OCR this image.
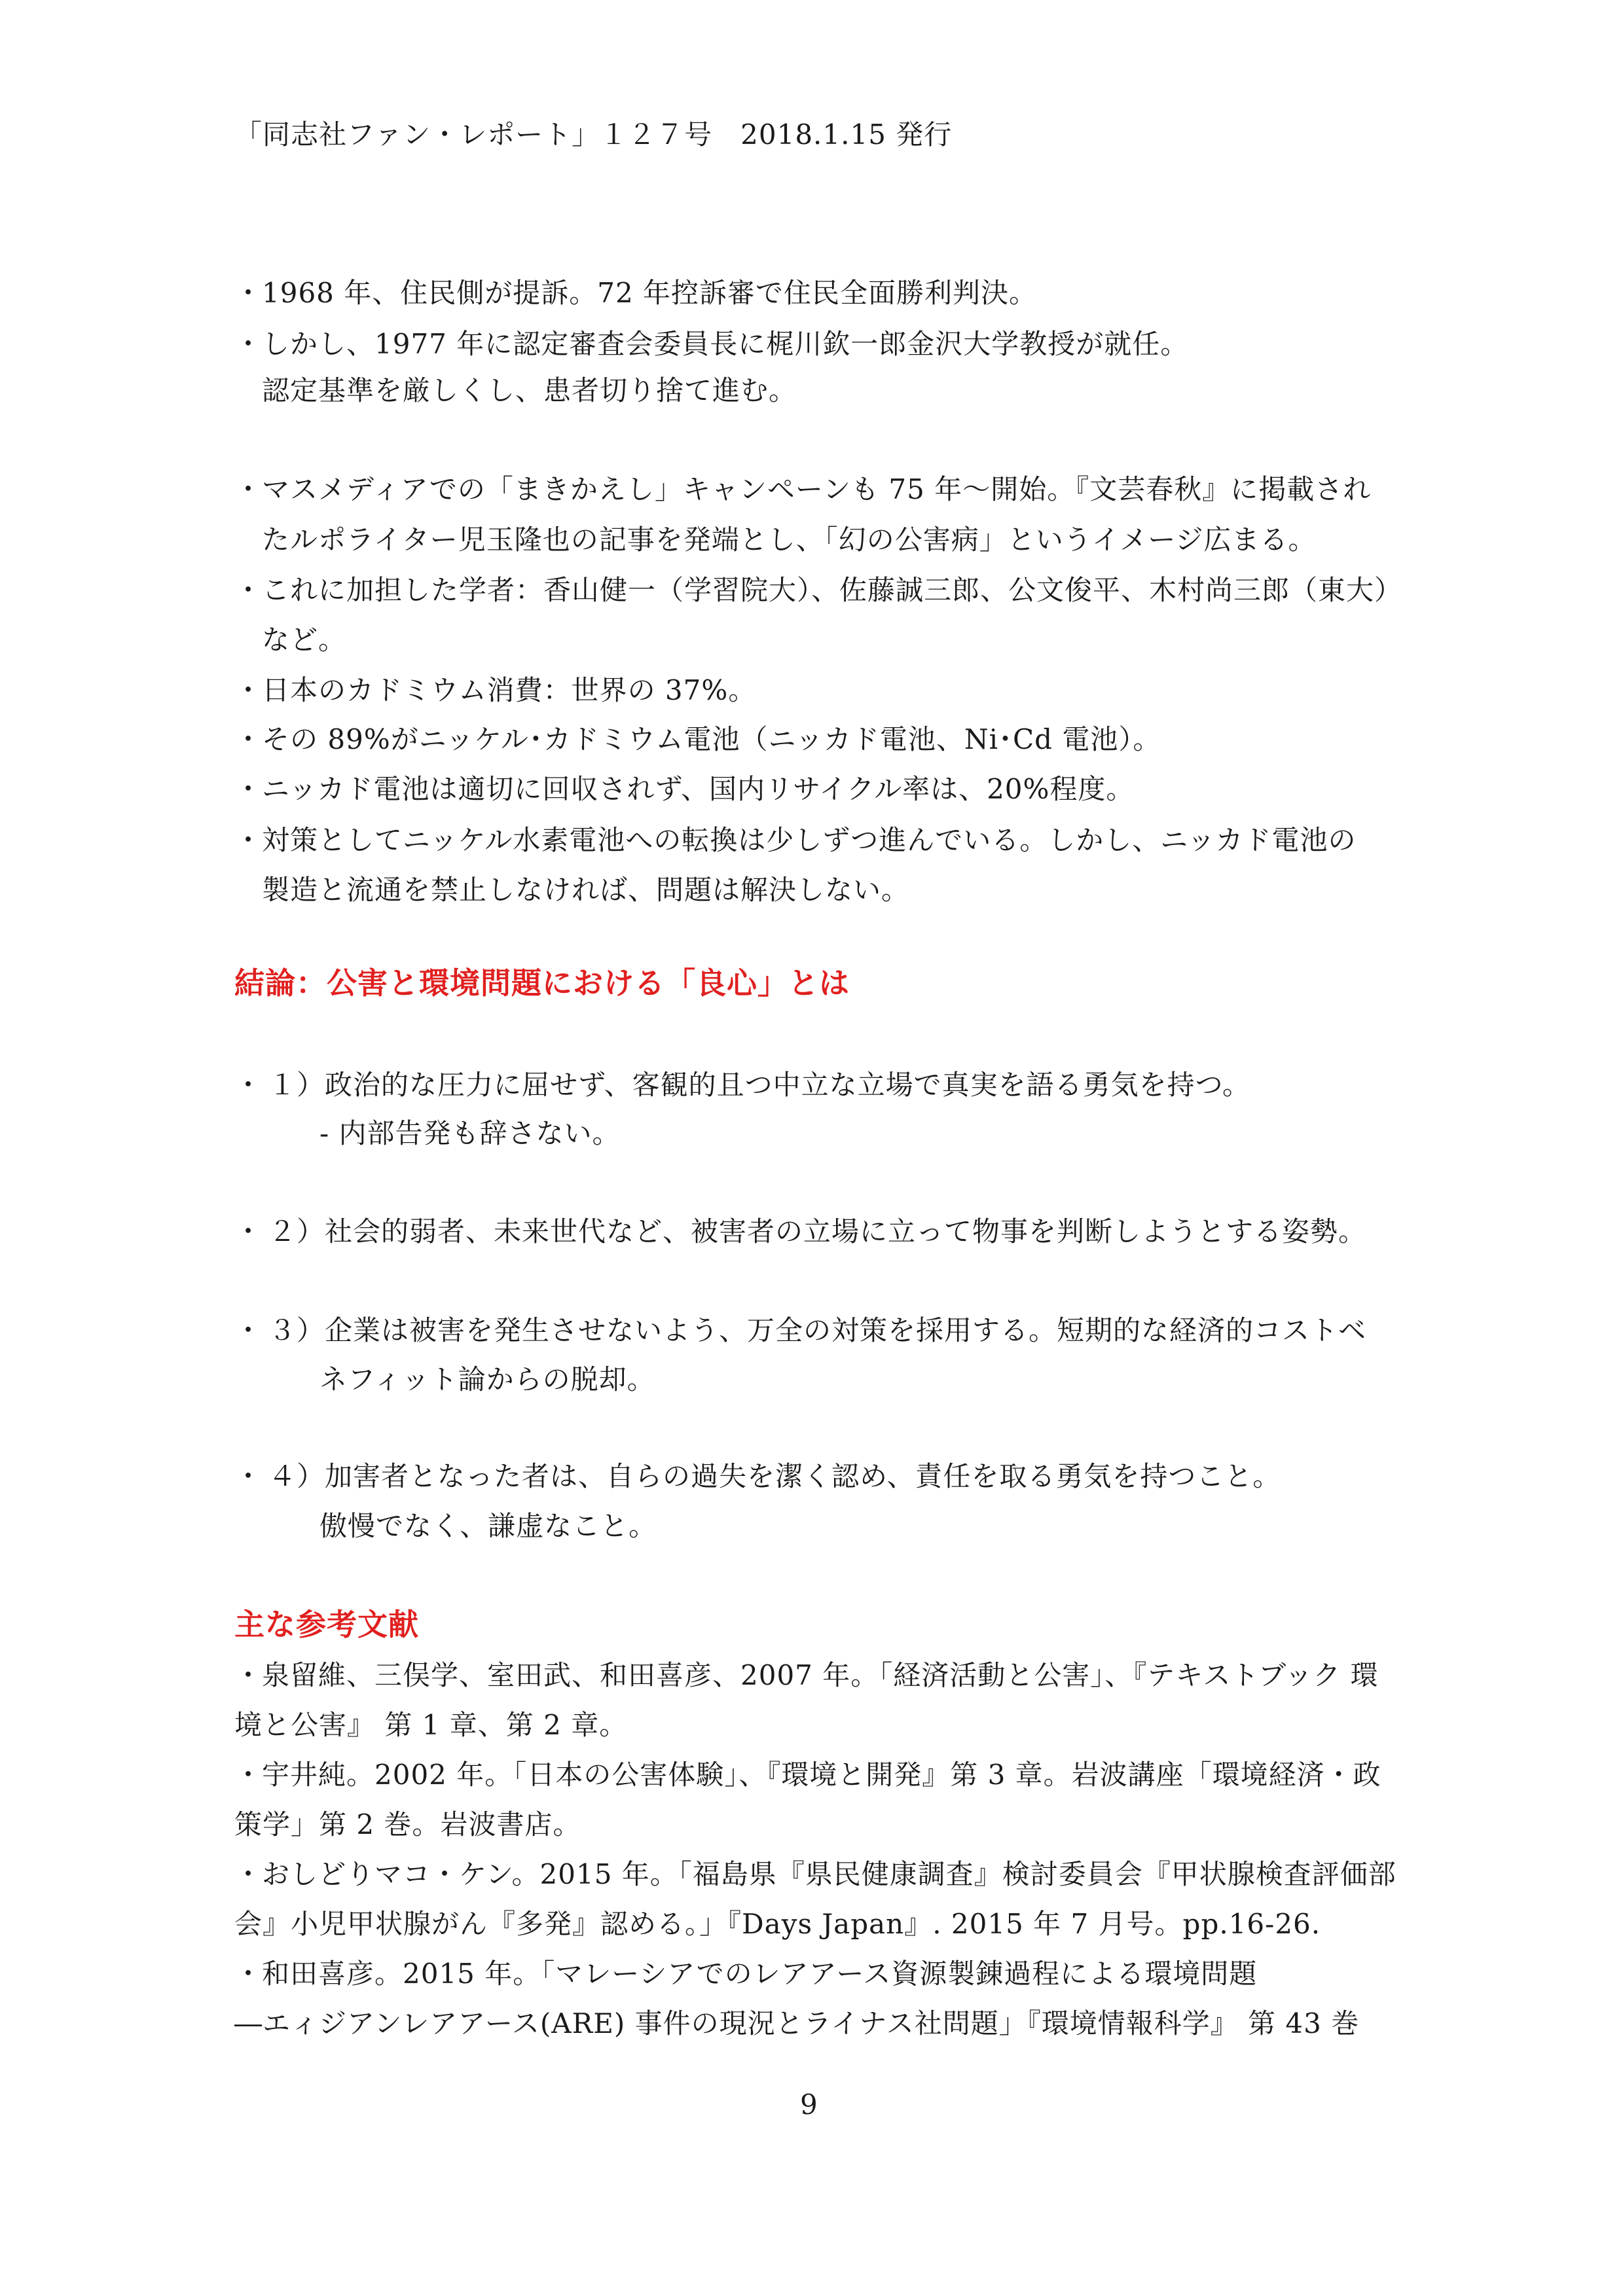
「同志社ファン・レポート」１２７号　2018.1.15 発行
・ 1968 年、住民側が提訴。72 年控訴審で住民全面勝利判決。
・ しかし、1977 年に認定審査会委員長に梶川欽一郎金沢大学教授が就任。
認定基準を厳しくし、患者切り捨て進む。
・ マスメディアでの「まきかえし」キャンペーンも 75 年〜開始。『文芸春秋』に掲載され
たルポライター児玉隆也の記事を発端とし、「幻の公害病」というイメージ広まる。
・ これに加担した学者：香山健一（学習院大）、佐藤誠三郎、公文俊平、木村尚三郎（東大）
など。
・ 日本のカドミウム消費：世界の 37%。
・ その 89%がニッケル･カドミウム電池（ニッカド電池、Ni･Cd 電池）。
・ ニッカド電池は適切に回収されず、国内リサイクル率は、20%程度。
・ 対策としてニッケル水素電池への転換は少しずつ進んでいる。しかし、ニッカド電池の
製造と流通を禁止しなければ、問題は解決しない。
結論：公害と環境問題における「良心」とは
・ １）政治的な圧力に屈せず、客観的且つ中立な立場で真実を語る勇気を持つ。
- 内部告発も辞さない。
・ ２）社会的弱者、未来世代など、被害者の立場に立って物事を判断しようとする姿勢。
・ ３）企業は被害を発生させないよう、万全の対策を採用する。短期的な経済的コストベ
ネフィット論からの脱却。
・ ４）加害者となった者は、自らの過失を潔く認め、責任を取る勇気を持つこと。
傲慢でなく、謙虚なこと。
主な参考文献
・ 泉留維、三俣学、室田武、和田喜彦、2007 年。「経済活動と公害」、『テキストブック 環
境と公害』 第 1 章、第 2 章。
・ 宇井純。2002 年。「日本の公害体験」、『環境と開発』第 3 章。岩波講座「環境経済・政
策学」第 2 巻。岩波書店。
・ おしどりマコ・ケン。2015 年。「福島県『県民健康調査』検討委員会『甲状腺検査評価部
会』小児甲状腺がん『多発』認める。」『Days Japan』. 2015 年 7 月号。pp.16-26.
・ 和田喜彦。2015 年。「マレーシアでのレアアース資源製錬過程による環境問題
―エィジアンレアアース(ARE) 事件の現況とライナス社問題」『環境情報科学』 第 43 巻
9
